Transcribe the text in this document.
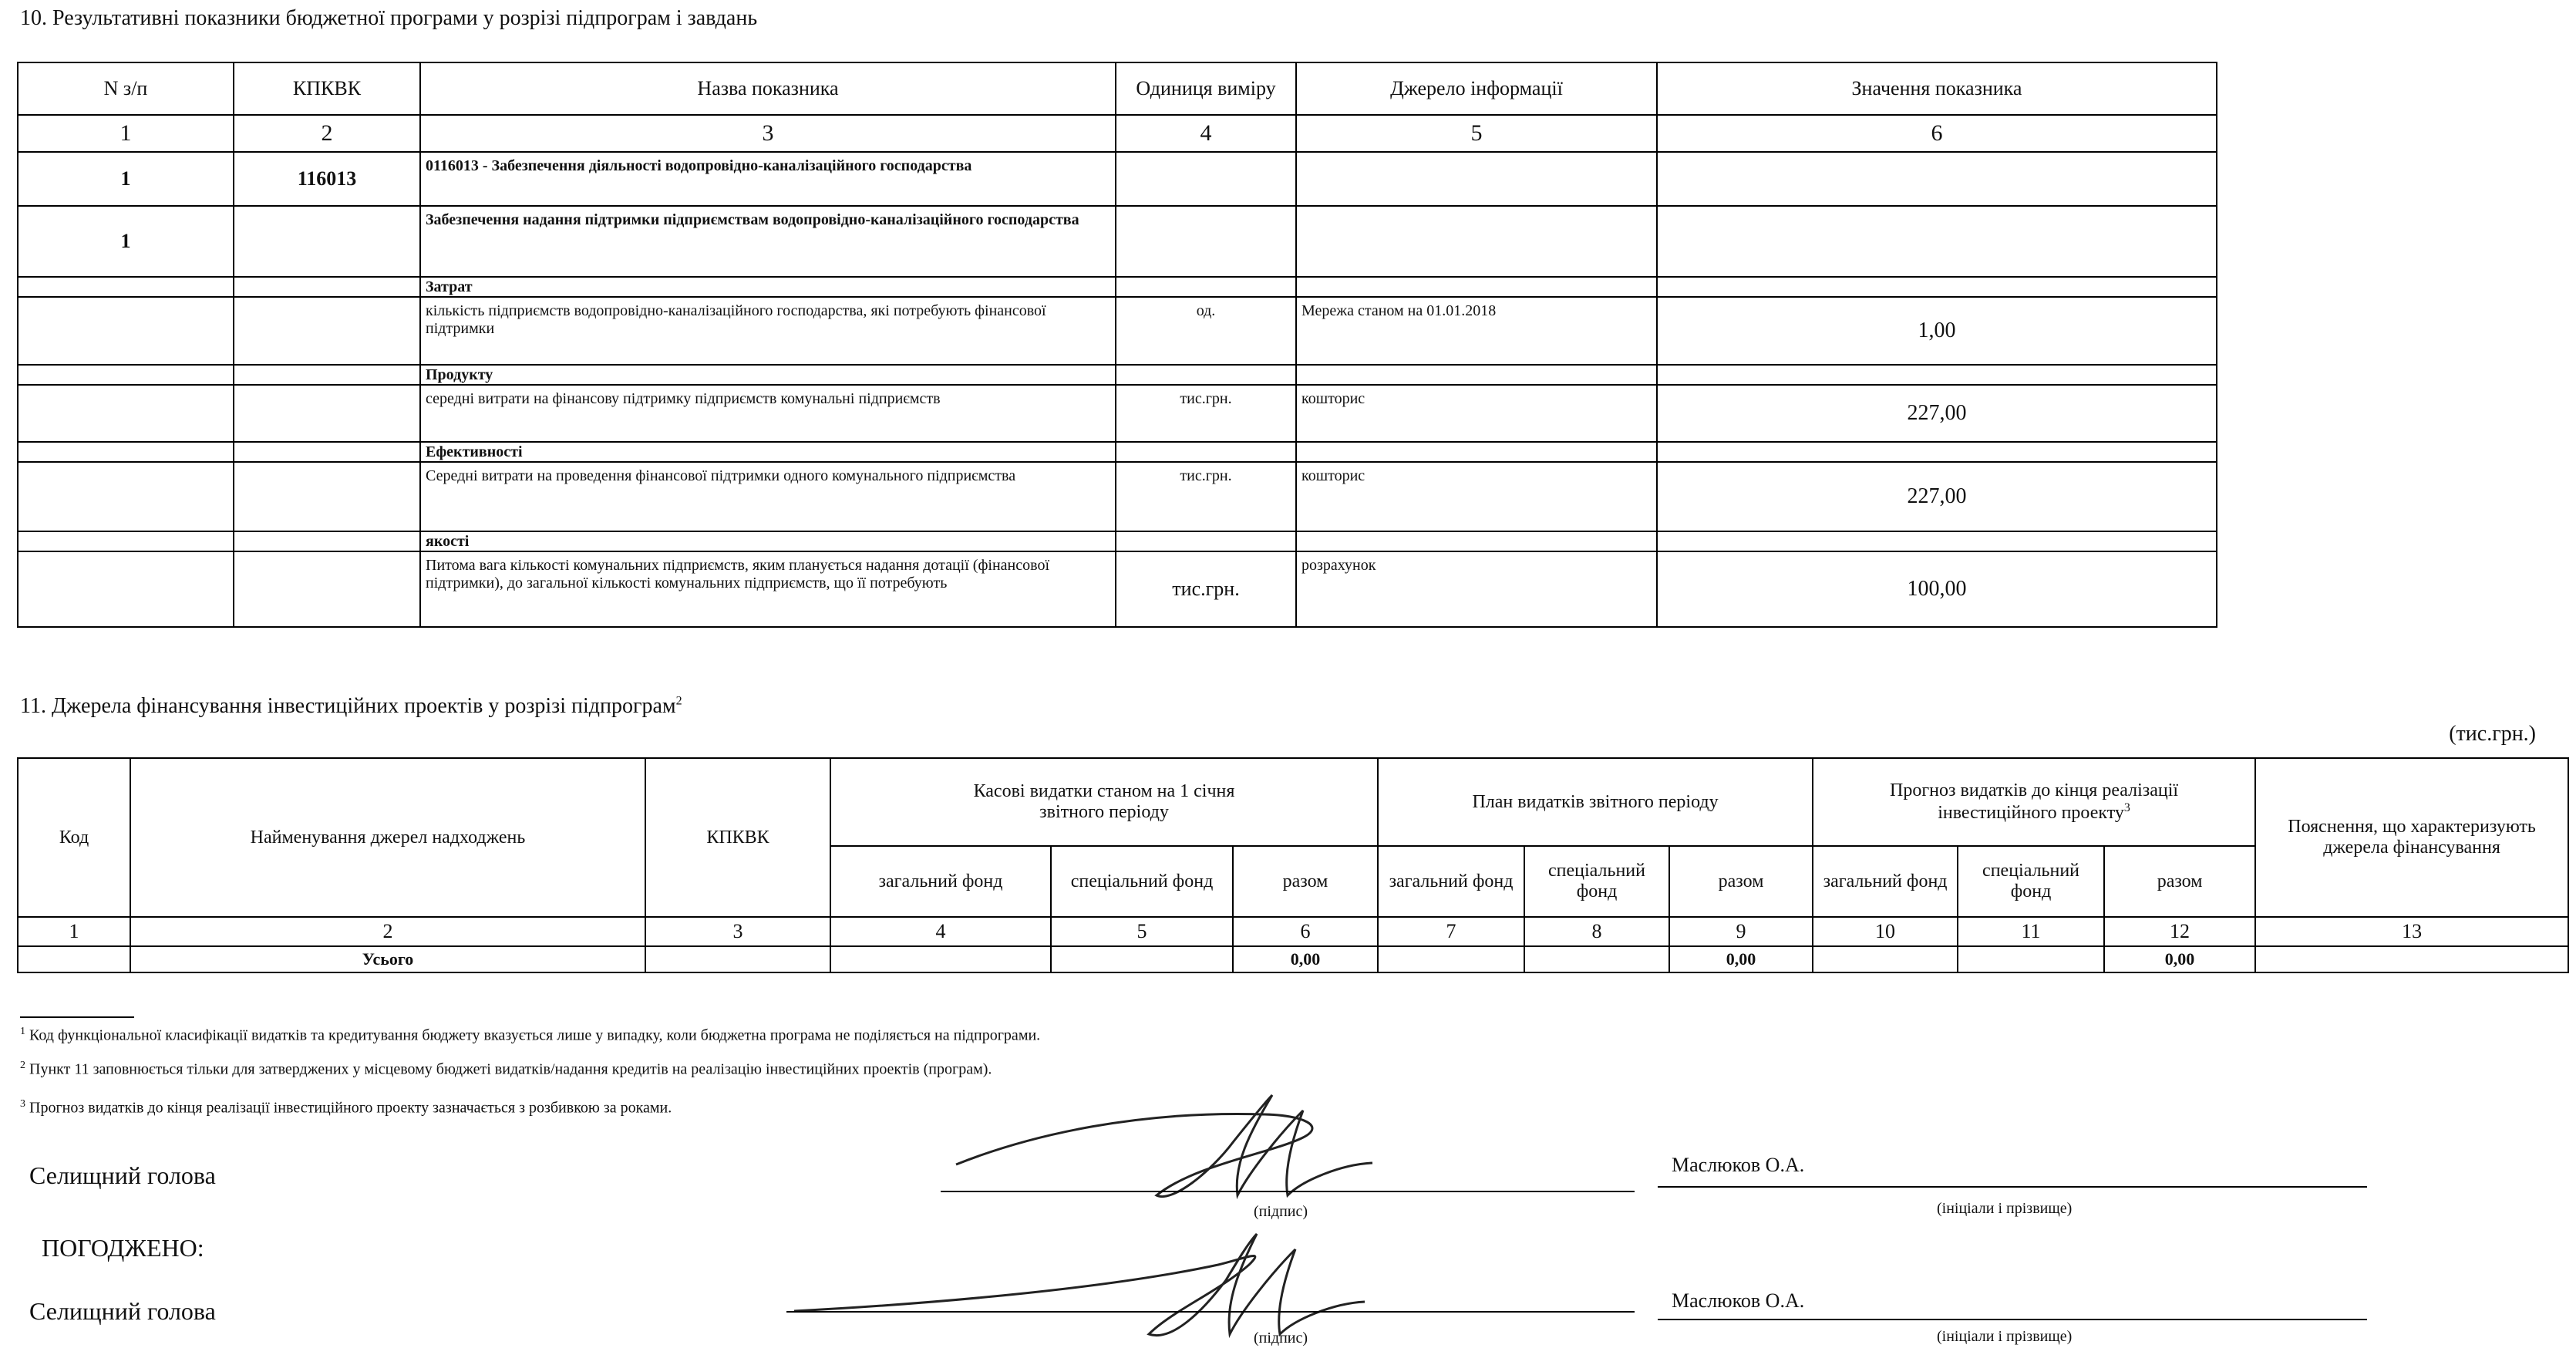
10. Результативні показники бюджетної програми у розрізі підпрограм і завдань
N з/п	КПКВК	Назва показника	Одиниця виміру	Джерело інформації	Значення показника
1	2	3	4	5	6
1	116013	0116013 - Забезпечення діяльності водопровідно-каналізаційного господарства			
1		Забезпечення надання підтримки підприємствам водопровідно-каналізаційного господарства			
		Затрат			
		кількість підприємств водопровідно-каналізаційного господарства, які потребують фінансової підтримки	од.	Мережа станом на 01.01.2018	1,00
		Продукту			
		середні витрати на фінансову підтримку підприємств комунальні підприємств	тис.грн.	кошторис	227,00
		Ефективності			
		Середні витрати на проведення фінансової підтримки одного комунального підприємства	тис.грн.	кошторис	227,00
		якості			
		Питома вага кількості комунальних підприємств, яким планується надання дотації (фінансової підтримки), до загальної кількості комунальних підприємств, що її потребують	тис.грн.	розрахунок	100,00
11. Джерела фінансування інвестиційних проектів у розрізі підпрограм$^2$
(тис.грн.)
Код	Найменування джерел надходжень	КПКВК	Касові видатки станом на 1 січня звітного періоду			План видатків звітного періоду			Прогноз видатків до кінця реалізації інвестиційного проекту$^3$			Пояснення, що характеризують джерела фінансування
			загальний фонд	спеціальний фонд	разом	загальний фонд	спеціальний фонд	разом	загальний фонд	спеціальний фонд	разом	
1	2	3	4	5	6	7	8	9	10	11	12	13
	Усього				0,00			0,00			0,00	
$^1$ Код функціональної класифікації видатків та кредитування бюджету вказується лише у випадку, коли бюджетна програма не поділяється на підпрограми.
$^2$ Пункт 11 заповнюється тільки для затверджених у місцевому бюджеті видатків/надання кредитів на реалізацію інвестиційних проектів (програм).
$^3$ Прогноз видатків до кінця реалізації інвестиційного проекту зазначається з розбивкою за роками.
Селищний голова
(підпис)
Маслюков О.А.
(ініціали і прізвище)
ПОГОДЖЕНО:
Селищний голова
(підпис)
Маслюков О.А.
(ініціали і прізвище)
